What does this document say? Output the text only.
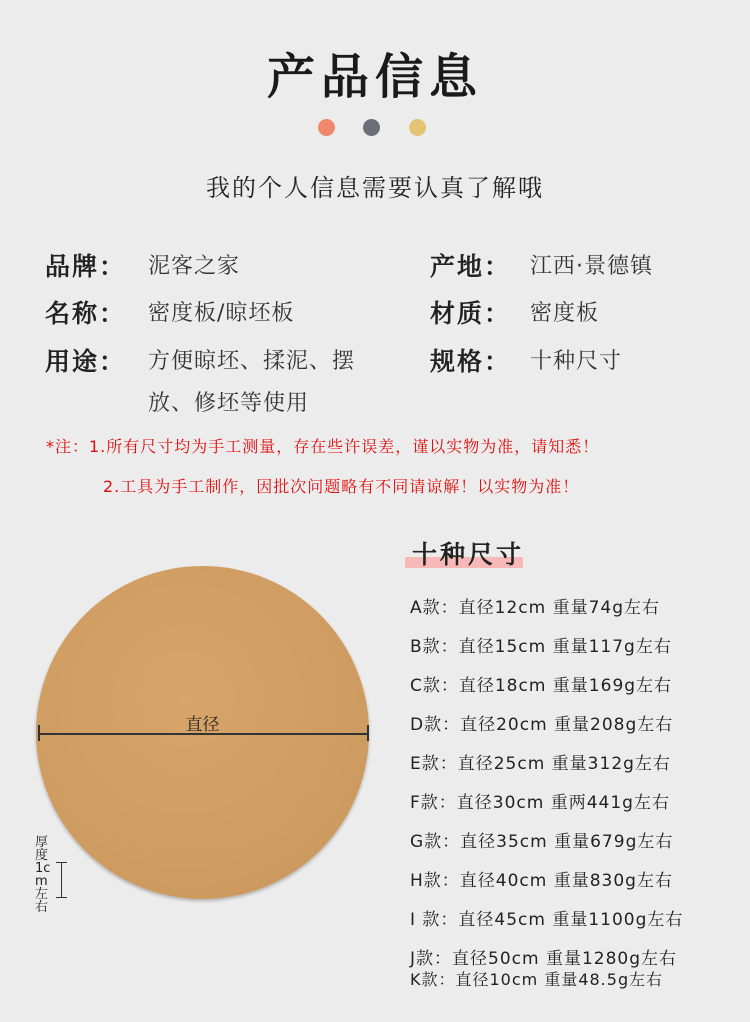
产品信息
我的个人信息需要认真了解哦
品牌： 泥客之家	产地： 江西·景德镇
名称： 密度板/晾坯板	材质： 密度板
用途： 方便晾坯、揉泥、摆
放、修坯等使用
规格： 十种尺寸
*注：1.所有尺寸均为手工测量，存在些许误差，谨以实物为准，请知悉！
2.工具为手工制作，因批次问题略有不同请谅解！以实物为准！
十种尺寸
A款：直径12cm 重量74g左右
B款：直径15cm 重量117g左右
C款：直径18cm 重量169g左右
D款：直径20cm 重量208g左右
E款：直径25cm 重量312g左右
F款：直径30cm 重两441g左右
G款：直径35cm 重量679g左右
H款：直径40cm 重量830g左右
I 款：直径45cm 重量1100g左右
J款：直径50cm 重量1280g左右
K款：直径10cm 重量48.5g左右
直径
厚度1cm左右
